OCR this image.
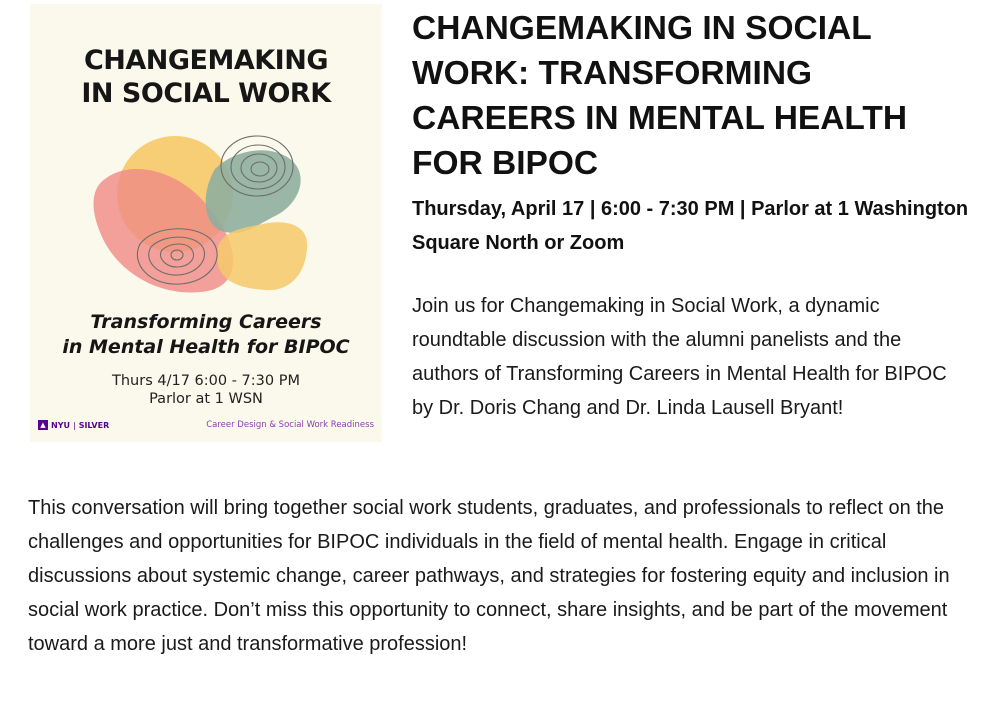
CHANGEMAKING
IN SOCIAL WORK
Transforming Careers
in Mental Health for BIPOC
Thurs 4/17 6:00 - 7:30 PM
Parlor at 1 WSN
▲ NYU | SILVER	Career Design & Social Work Readiness
CHANGEMAKING IN SOCIAL WORK: TRANSFORMING CAREERS IN MENTAL HEALTH FOR BIPOC
Thursday, April 17 | 6:00 - 7:30 PM | Parlor at 1 Washington Square North or Zoom
Join us for Changemaking in Social Work, a dynamic roundtable discussion with the alumni panelists and the authors of Transforming Careers in Mental Health for BIPOC by Dr. Doris Chang and Dr. Linda Lausell Bryant!
This conversation will bring together social work students, graduates, and professionals to reflect on the challenges and opportunities for BIPOC individuals in the field of mental health. Engage in critical discussions about systemic change, career pathways, and strategies for fostering equity and inclusion in social work practice. Don’t miss this opportunity to connect, share insights, and be part of the movement toward a more just and transformative profession!
